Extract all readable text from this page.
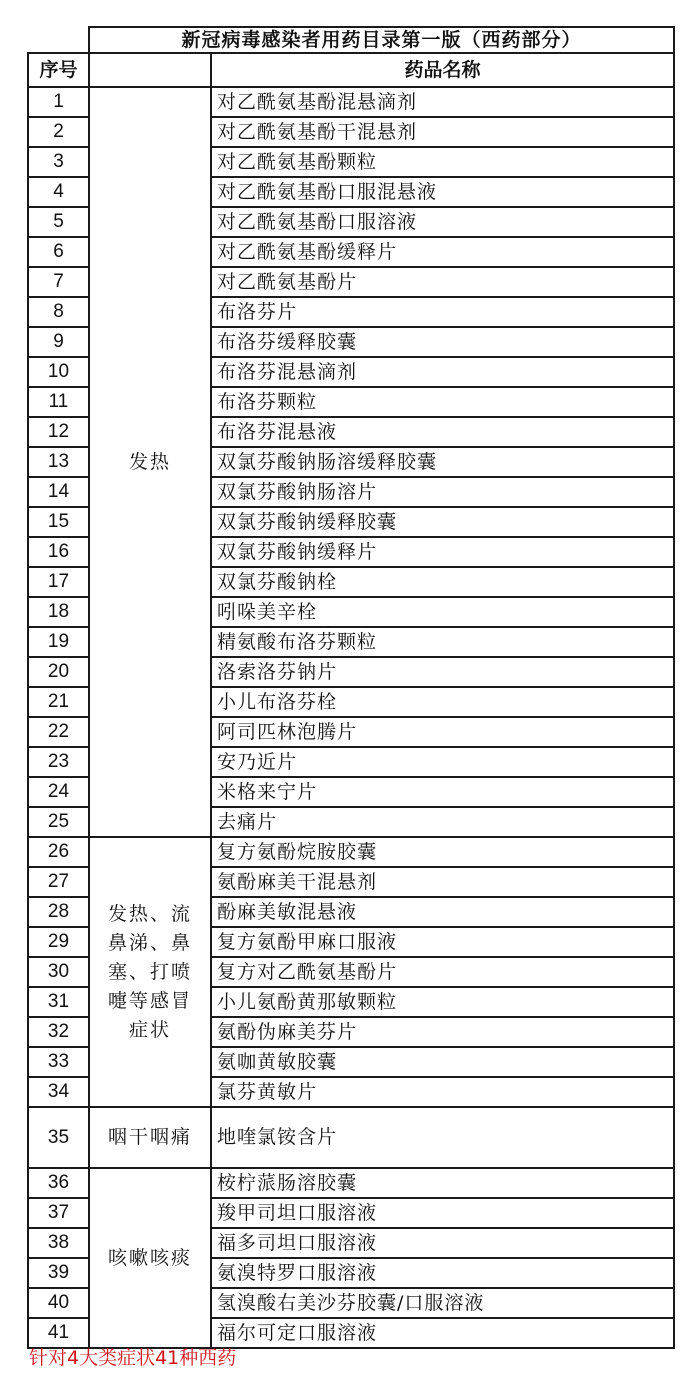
	新冠病毒感染者用药目录第一版（西药部分）	
序号		药品名称
1	发热	对乙酰氨基酚混悬滴剂
2		对乙酰氨基酚干混悬剂
3		对乙酰氨基酚颗粒
4		对乙酰氨基酚口服混悬液
5		对乙酰氨基酚口服溶液
6		对乙酰氨基酚缓释片
7		对乙酰氨基酚片
8		布洛芬片
9		布洛芬缓释胶囊
10		布洛芬混悬滴剂
11		布洛芬颗粒
12		布洛芬混悬液
13		双氯芬酸钠肠溶缓释胶囊
14		双氯芬酸钠肠溶片
15		双氯芬酸钠缓释胶囊
16		双氯芬酸钠缓释片
17		双氯芬酸钠栓
18		吲哚美辛栓
19		精氨酸布洛芬颗粒
20		洛索洛芬钠片
21		小儿布洛芬栓
22		阿司匹林泡腾片
23		安乃近片
24		米格来宁片
25		去痛片
26	发热、流鼻涕、鼻塞、打喷嚏等感冒症状	复方氨酚烷胺胶囊
27		氨酚麻美干混悬剂
28		酚麻美敏混悬液
29		复方氨酚甲麻口服液
30		复方对乙酰氨基酚片
31		小儿氨酚黄那敏颗粒
32		氨酚伪麻美芬片
33		氨咖黄敏胶囊
34		氯芬黄敏片
35	咽干咽痛	地喹氯铵含片
36	咳嗽咳痰	桉柠蒎肠溶胶囊
37		羧甲司坦口服溶液
38		福多司坦口服溶液
39		氨溴特罗口服溶液
40		氢溴酸右美沙芬胶囊/口服溶液
41		福尔可定口服溶液
针对4大类症状41种西药
